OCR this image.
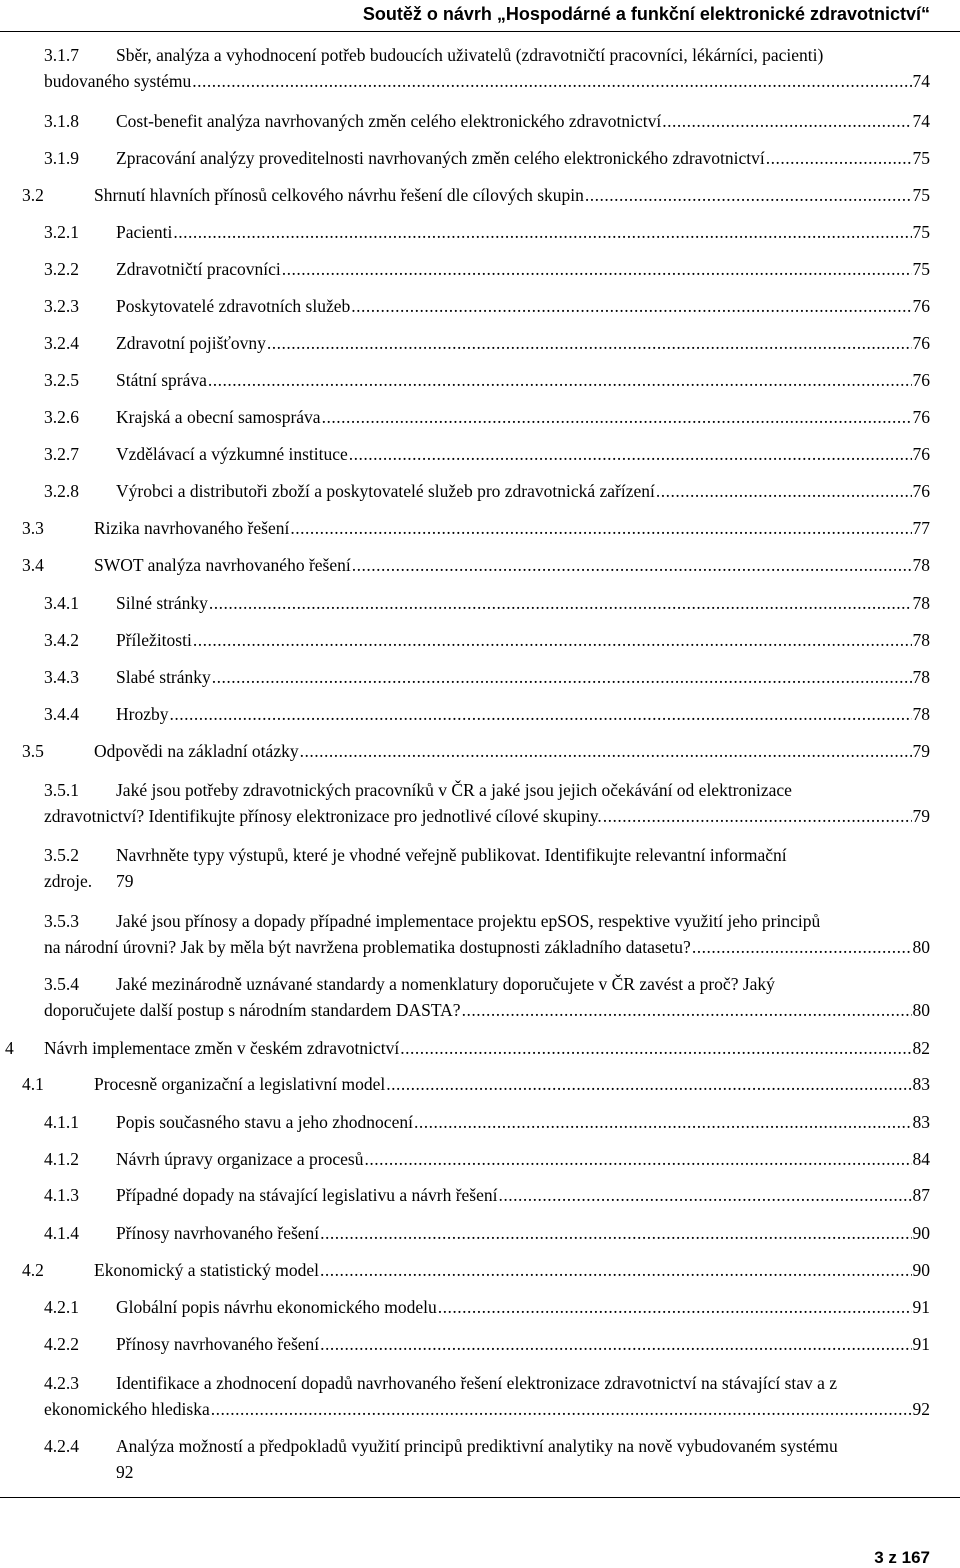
Soutěž o návrh „Hospodárné a funkční elektronické zdravotnictví“
3.1.7	Sběr, analýza a vyhodnocení potřeb budoucích uživatelů (zdravotničtí pracovníci, lékárníci, pacienti)
budovaného systému .....	74
3.1.8	Cost-benefit analýza navrhovaných změn celého elektronického zdravotnictví .....	74
3.1.9	Zpracování analýzy proveditelnosti navrhovaných změn celého elektronického zdravotnictví .....	75
3.2	Shrnutí hlavních přínosů celkového návrhu řešení dle cílových skupin .....	75
3.2.1	Pacienti .....	75
3.2.2	Zdravotničtí pracovníci .....	75
3.2.3	Poskytovatelé zdravotních služeb .....	76
3.2.4	Zdravotní pojišťovny .....	76
3.2.5	Státní správa .....	76
3.2.6	Krajská a obecní samospráva .....	76
3.2.7	Vzdělávací a výzkumné instituce .....	76
3.2.8	Výrobci a distributoři zboží a poskytovatelé služeb pro zdravotnická zařízení .....	76
3.3	Rizika navrhovaného řešení .....	77
3.4	SWOT analýza navrhovaného řešení .....	78
3.4.1	Silné stránky .....	78
3.4.2	Příležitosti .....	78
3.4.3	Slabé stránky .....	78
3.4.4	Hrozby .....	78
3.5	Odpovědi na základní otázky .....	79
3.5.1	Jaké jsou potřeby zdravotnických pracovníků v ČR a jaké jsou jejich očekávání od elektronizace
zdravotnictví? Identifikujte přínosy elektronizace pro jednotlivé cílové skupiny. .....	79
3.5.2	Navrhněte typy výstupů, které je vhodné veřejně publikovat. Identifikujte relevantní informační
zdroje.	79
3.5.3	Jaké jsou přínosy a dopady případné implementace projektu epSOS, respektive využití jeho principů
na národní úrovni? Jak by měla být navržena problematika dostupnosti základního datasetu? .....	80
3.5.4	Jaké mezinárodně uznávané standardy a nomenklatury doporučujete v ČR zavést a proč? Jaký
doporučujete další postup s národním standardem DASTA? .....	80
4	Návrh implementace změn v českém zdravotnictví .....	82
4.1	Procesně organizační a legislativní model .....	83
4.1.1	Popis současného stavu a jeho zhodnocení .....	83
4.1.2	Návrh úpravy organizace a procesů .....	84
4.1.3	Případné dopady na stávající legislativu a návrh řešení .....	87
4.1.4	Přínosy navrhovaného řešení .....	90
4.2	Ekonomický a statistický model .....	90
4.2.1	Globální popis návrhu ekonomického modelu .....	91
4.2.2	Přínosy navrhovaného řešení .....	91
4.2.3	Identifikace a zhodnocení dopadů navrhovaného řešení elektronizace zdravotnictví na stávající stav a z
ekonomického hlediska .....	92
4.2.4	Analýza možností a předpokladů využití principů prediktivní analytiky na nově vybudovaném systému
92
3 z 167
